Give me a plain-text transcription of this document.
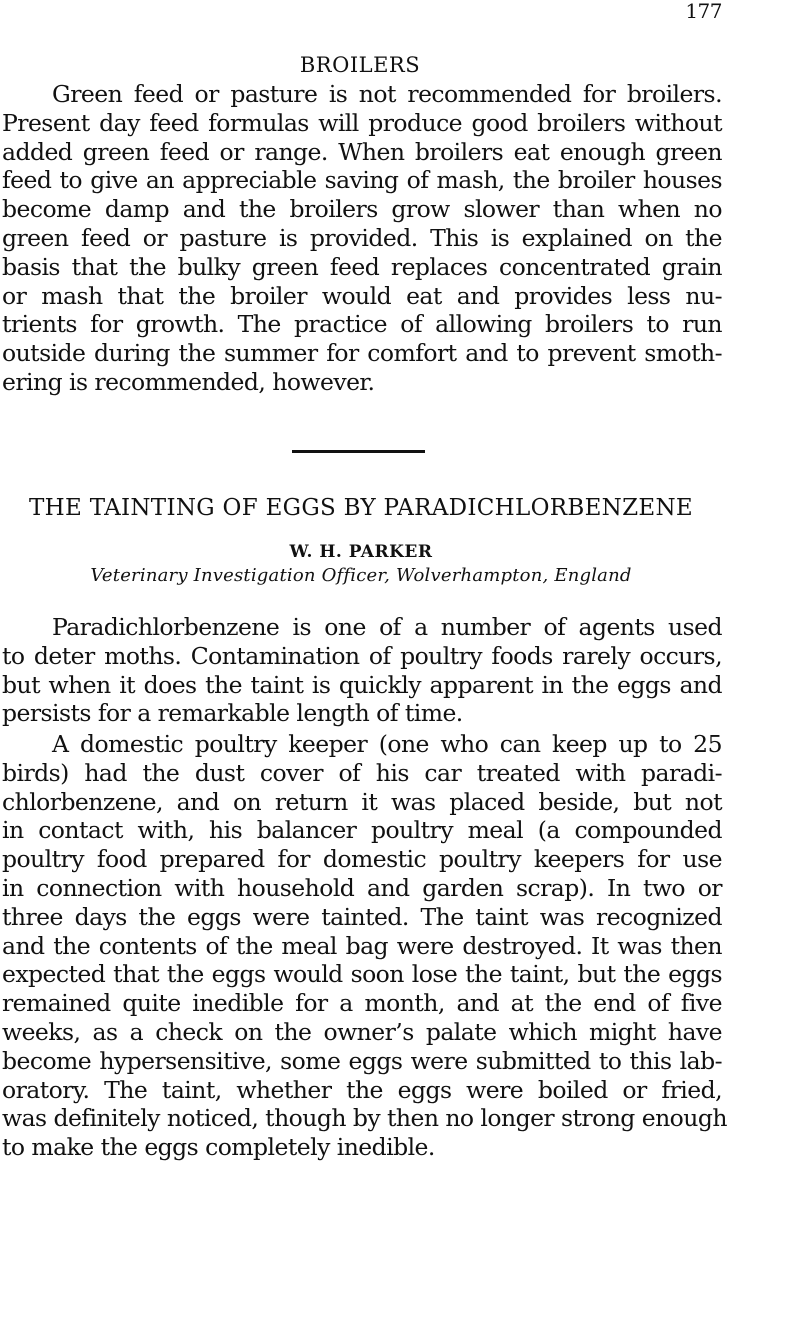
177
BROILERS
Green feed or pasture is not recommended for broilers.
Present day feed formulas will produce good broilers without
added green feed or range. When broilers eat enough green
feed to give an appreciable saving of mash, the broiler houses
become damp and the broilers grow slower than when no
green feed or pasture is provided. This is explained on the
basis that the bulky green feed replaces concentrated grain
or mash that the broiler would eat and provides less nu-
trients for growth. The practice of allowing broilers to run
outside during the summer for comfort and to prevent smoth-
ering is recommended, however.
THE TAINTING OF EGGS BY PARADICHLORBENZENE
W. H. PARKER
Veterinary Investigation Officer, Wolverhampton, England
Paradichlorbenzene is one of a number of agents used
to deter moths. Contamination of poultry foods rarely occurs,
but when it does the taint is quickly apparent in the eggs and
persists for a remarkable length of time.
A domestic poultry keeper (one who can keep up to 25
birds) had the dust cover of his car treated with paradi-
chlorbenzene, and on return it was placed beside, but not
in contact with, his balancer poultry meal (a compounded
poultry food prepared for domestic poultry keepers for use
in connection with household and garden scrap). In two or
three days the eggs were tainted. The taint was recognized
and the contents of the meal bag were destroyed. It was then
expected that the eggs would soon lose the taint, but the eggs
remained quite inedible for a month, and at the end of five
weeks, as a check on the owner’s palate which might have
become hypersensitive, some eggs were submitted to this lab-
oratory. The taint, whether the eggs were boiled or fried,
was definitely noticed, though by then no longer strong enough
to make the eggs completely inedible.
